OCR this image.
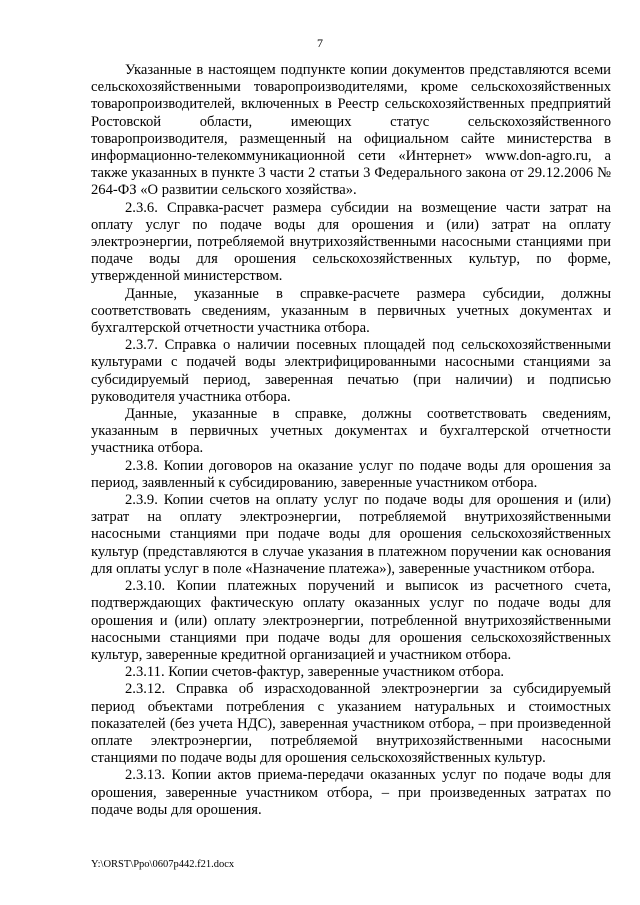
7

Указанные в настоящем подпункте копии документов представляются всеми сельскохозяйственными товаропроизводителями, кроме сельскохозяйственных товаропроизводителей, включенных в Реестр сельскохозяйственных предприятий Ростовской области, имеющих статус сельскохозяйственного товаропроизводителя, размещенный на официальном сайте министерства в информационно-телекоммуникационной сети «Интернет» www.don-agro.ru, а также указанных в пункте 3 части 2 статьи 3 Федерального закона от 29.12.2006 № 264-ФЗ «О развитии сельского хозяйства».

2.3.6. Справка-расчет размера субсидии на возмещение части затрат на оплату услуг по подаче воды для орошения и (или) затрат на оплату электроэнергии, потребляемой внутрихозяйственными насосными станциями при подаче воды для орошения сельскохозяйственных культур, по форме, утвержденной министерством.

Данные, указанные в справке-расчете размера субсидии, должны соответствовать сведениям, указанным в первичных учетных документах и бухгалтерской отчетности участника отбора.

2.3.7. Справка о наличии посевных площадей под сельскохозяйственными культурами с подачей воды электрифицированными насосными станциями за субсидируемый период, заверенная печатью (при наличии) и подписью руководителя участника отбора.

Данные, указанные в справке, должны соответствовать сведениям, указанным в первичных учетных документах и бухгалтерской отчетности участника отбора.

2.3.8. Копии договоров на оказание услуг по подаче воды для орошения за период, заявленный к субсидированию, заверенные участником отбора.

2.3.9. Копии счетов на оплату услуг по подаче воды для орошения и (или) затрат на оплату электроэнергии, потребляемой внутрихозяйственными насосными станциями при подаче воды для орошения сельскохозяйственных культур (представляются в случае указания в платежном поручении как основания для оплаты услуг в поле «Назначение платежа»), заверенные участником отбора.

2.3.10. Копии платежных поручений и выписок из расчетного счета, подтверждающих фактическую оплату оказанных услуг по подаче воды для орошения и (или) оплату электроэнергии, потребленной внутрихозяйственными насосными станциями при подаче воды для орошения сельскохозяйственных культур, заверенные кредитной организацией и участником отбора.

2.3.11. Копии счетов-фактур, заверенные участником отбора.

2.3.12. Справка об израсходованной электроэнергии за субсидируемый период объектами потребления с указанием натуральных и стоимостных показателей (без учета НДС), заверенная участником отбора, – при произведенной оплате электроэнергии, потребляемой внутрихозяйственными насосными станциями по подаче воды для орошения сельскохозяйственных культур.

2.3.13. Копии актов приема-передачи оказанных услуг по подаче воды для орошения, заверенные участником отбора, – при произведенных затратах по подаче воды для орошения.

Y:\ORST\Ppo\0607p442.f21.docx
